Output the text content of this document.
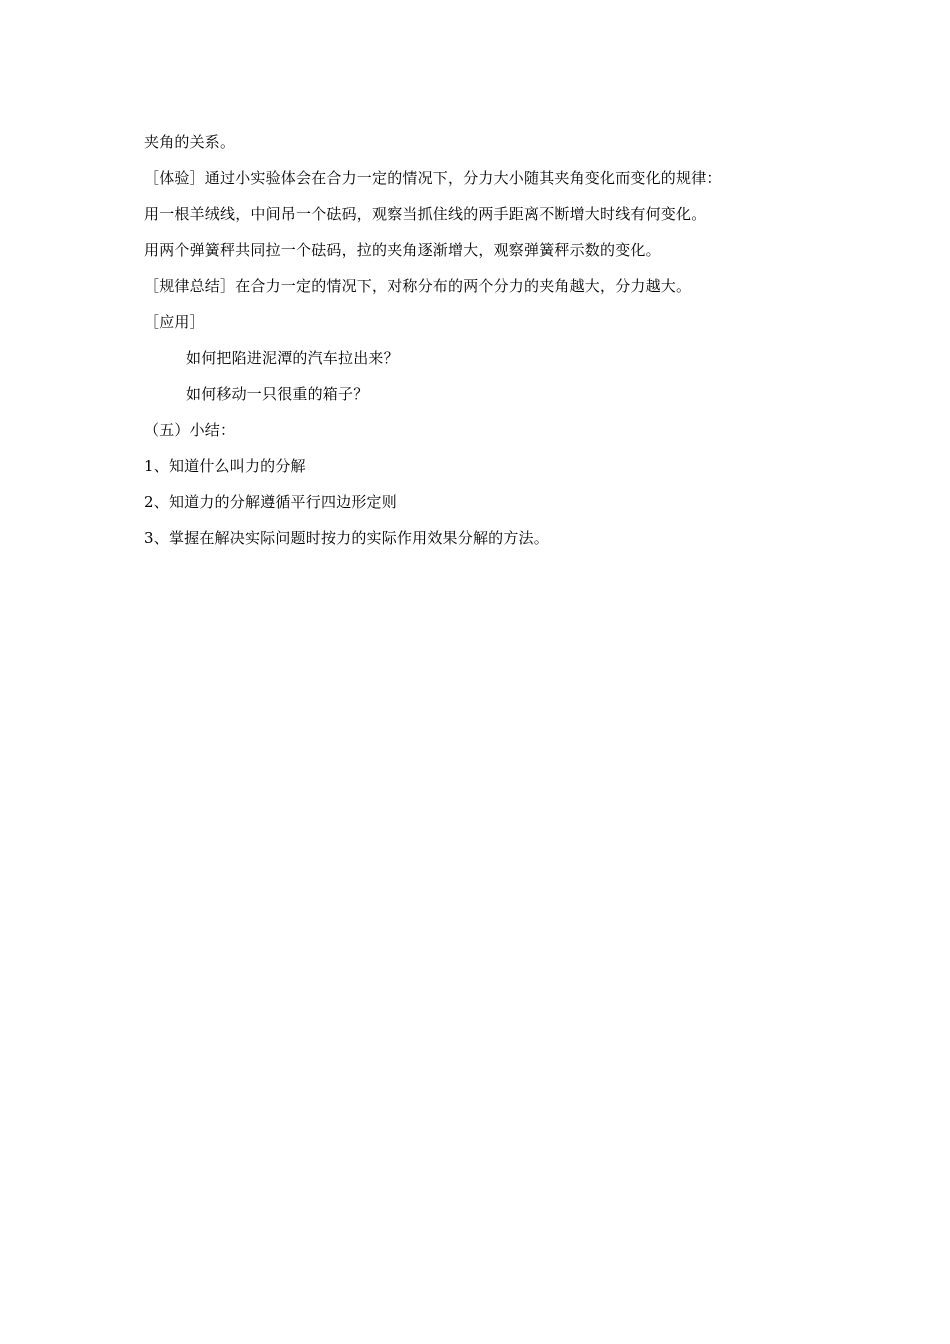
夹角的关系。
［体验］通过小实验体会在合力一定的情况下，分力大小随其夹角变化而变化的规律：
用一根羊绒线，中间吊一个砝码，观察当抓住线的两手距离不断增大时线有何变化。
用两个弹簧秤共同拉一个砝码，拉的夹角逐渐增大，观察弹簧秤示数的变化。
［规律总结］在合力一定的情况下，对称分布的两个分力的夹角越大，分力越大。
［应用］
如何把陷进泥潭的汽车拉出来？
如何移动一只很重的箱子？
（五）小结：
1、知道什么叫力的分解
2、知道力的分解遵循平行四边形定则
3、掌握在解决实际问题时按力的实际作用效果分解的方法。
